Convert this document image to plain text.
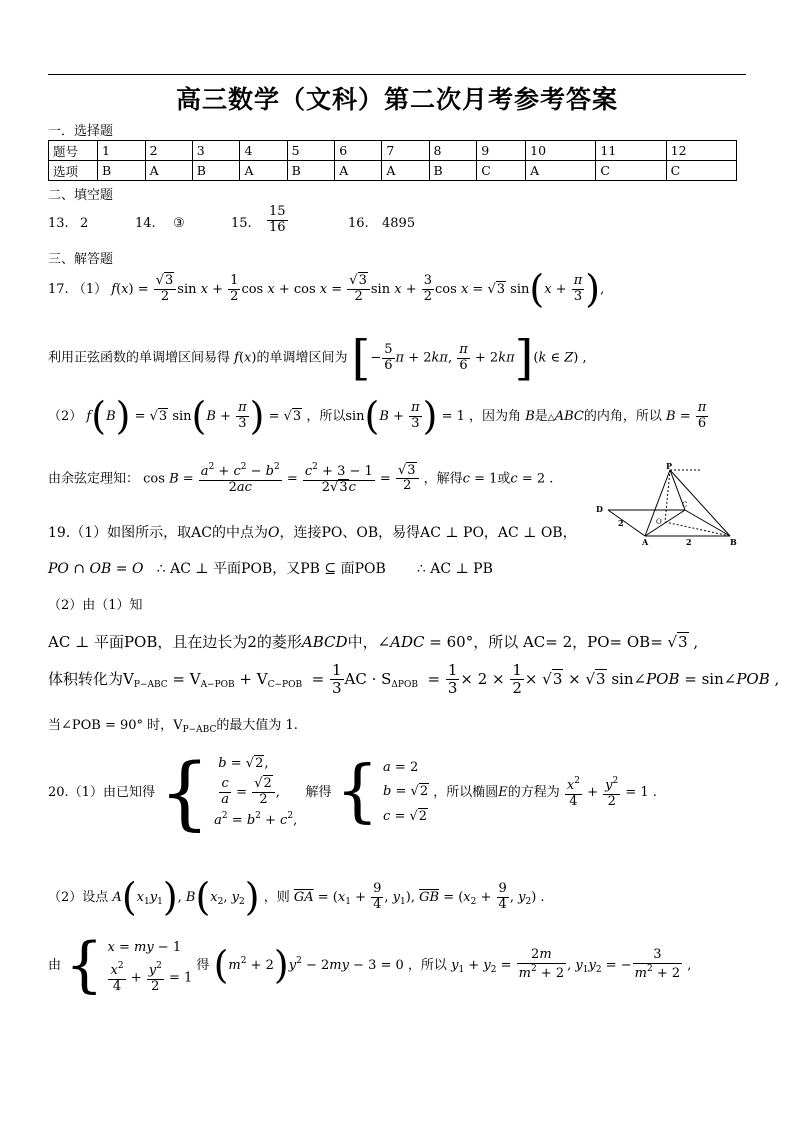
高三数学（文科）第二次月考参考答案
一．选择题
题号	1	2	3	4	5	6	7	8	9	10	11	12
选项	B	A	B	A	B	A	A	B	C	A	C	C
二、填空题
13. 2	14. ③	15. $\frac{15}{16}$	16. 4895
三、解答题
17. （1） $f(x) = \frac{√3}{2}$ $\sin x + \frac{1}{2}$ $\cos x + \cos x = \frac{√3}{2}$ $\sin x + \frac{3}{2}$ cos x = √3 $\sin(x + \frac{\pi}{3}$ ),
利用正弦函数的单调增区间易得 f(x)的单调增区间为 [− $\frac{5}{6}$ π + 2kπ, $\frac{\pi}{6} + 2k\pi](k$ ∈ Z) ,
（2） f(B) = √3 $\sin(B + \frac{\pi}{3}$ ) = √3 ，所以$\sin(B + \frac{\pi}{3}$ ) = 1 ，因为角 B是△ABC的内角，所以 $B = \frac{\pi}{6}$
由余弦定理知： $\cos B = \frac{a^2 + c^2 - b^2}{2ac} = \frac{c^2 + 3 - 1}{2√3c} = \frac{√3}{2}$ ，解得c = 1或c = 2 .
P
D
2	O
C
A	2	B
19.（1）如图所示，取AC的中点为O，连接PO、OB，易得AC ⊥ PO，AC ⊥ OB，
PO ∩ OB = O ∴ AC ⊥ 平面POB，又PB ⊆ 面POB ∴ AC ⊥ PB
（2）由（1）知
AC ⊥ 平面POB，且在边长为2的菱形ABCD中，∠ADC = 60°，所以 AC= 2，PO= OB= √3 ,
体积转化为$V_{P-ABC} = V_{A-POB} + V_{C-POB} = \frac{1}{3}$ AC · $S_{\Delta POB} = \frac{1}{3} \times 2 \times \frac{1}{2} \times √3 \times √3$ sin∠POB = sin∠POB ,
当∠POB = 90° 时，$V_{P-ABC}$的最大值为 1.
20.（1）由已知得 { b = √2,

$\frac{c}{a} = \frac{√2}{2}$ ,
$a^2 = b^2 + c^2$,
解得 { a = 2
b = √2
c = √2
，所以椭圆E的方程为 $\frac{x^2}{4} + \frac{y^2}{2} = 1$ .
（2）设点 $A(x_1y_1)$, $B(x_2$, $y_2$) ，则 $\overline{GA} = (x_1 + \frac{9}{4}$ , $y_1$), $\overline{GB} = (x_2 + \frac{9}{4}$ , $y_2$) .
由 { x = my − 1
$\frac{x^2}{4} + \frac{y^2}{2} = 1$
得 $(m^2 + 2)y^2 - 2my - 3 = 0$ ，所以 $y_1 + y_2 = \frac{2m}{m^2 + 2}$ , $y_1y_2$ = − $\frac{3}{m^2 + 2}$ ,
